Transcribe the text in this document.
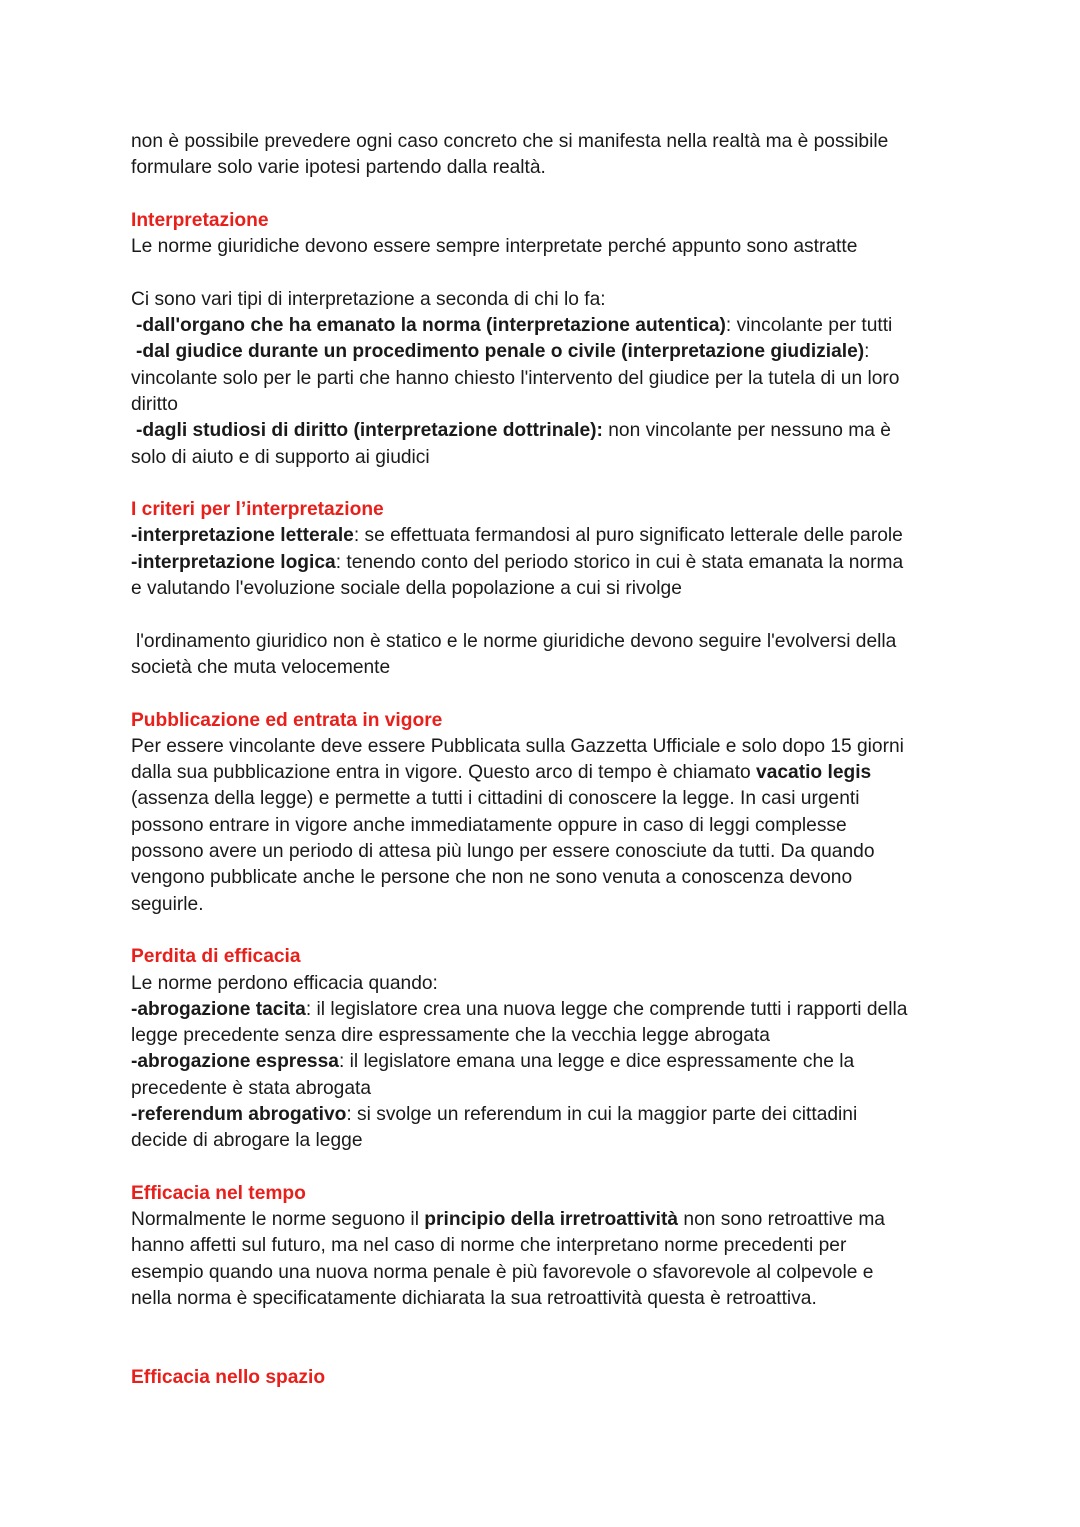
non è possibile prevedere ogni caso concreto che si manifesta nella realtà ma è possibile

formulare solo varie ipotesi partendo dalla realtà.

Interpretazione

Le norme giuridiche devono essere sempre interpretate perché appunto sono astratte

Ci sono vari tipi di interpretazione a seconda di chi lo fa:

-dall'organo che ha emanato la norma (interpretazione autentica): vincolante per tutti

-dal giudice durante un procedimento penale o civile (interpretazione giudiziale):

vincolante solo per le parti che hanno chiesto l'intervento del giudice per la tutela di un loro

diritto

-dagli studiosi di diritto (interpretazione dottrinale): non vincolante per nessuno ma è

solo di aiuto e di supporto ai giudici

I criteri per l’interpretazione

-interpretazione letterale: se effettuata fermandosi al puro significato letterale delle parole

-interpretazione logica: tenendo conto del periodo storico in cui è stata emanata la norma

e valutando l'evoluzione sociale della popolazione a cui si rivolge

l'ordinamento giuridico non è statico e le norme giuridiche devono seguire l'evolversi della

società che muta velocemente

Pubblicazione ed entrata in vigore

Per essere vincolante deve essere Pubblicata sulla Gazzetta Ufficiale e solo dopo 15 giorni

dalla sua pubblicazione entra in vigore. Questo arco di tempo è chiamato vacatio legis

(assenza della legge) e permette a tutti i cittadini di conoscere la legge. In casi urgenti

possono entrare in vigore anche immediatamente oppure in caso di leggi complesse

possono avere un periodo di attesa più lungo per essere conosciute da tutti. Da quando

vengono pubblicate anche le persone che non ne sono venuta a conoscenza devono

seguirle.

Perdita di efficacia

Le norme perdono efficacia quando:

-abrogazione tacita: il legislatore crea una nuova legge che comprende tutti i rapporti della

legge precedente senza dire espressamente che la vecchia legge abrogata

-abrogazione espressa: il legislatore emana una legge e dice espressamente che la

precedente è stata abrogata

-referendum abrogativo: si svolge un referendum in cui la maggior parte dei cittadini

decide di abrogare la legge

Efficacia nel tempo

Normalmente le norme seguono il principio della irretroattività non sono retroattive ma

hanno affetti sul futuro, ma nel caso di norme che interpretano norme precedenti per

esempio quando una nuova norma penale è più favorevole o sfavorevole al colpevole e

nella norma è specificatamente dichiarata la sua retroattività questa è retroattiva.

Efficacia nello spazio
